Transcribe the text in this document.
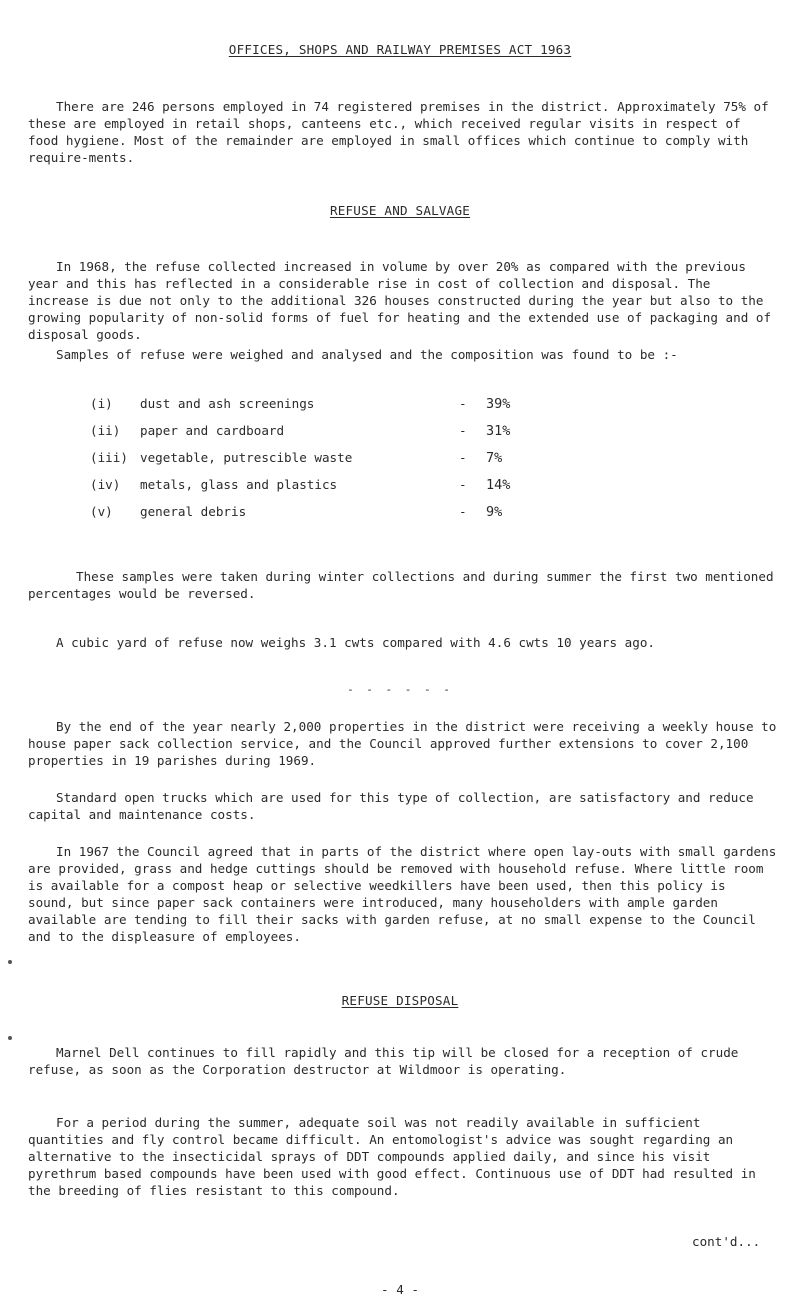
OFFICES, SHOPS AND RAILWAY PREMISES ACT 1963

There are 246 persons employed in 74 registered premises in the district. Approximately 75% of these are employed in retail shops, canteens etc., which received regular visits in respect of food hygiene. Most of the remainder are employed in small offices which continue to comply with require-ments.

REFUSE AND SALVAGE

In 1968, the refuse collected increased in volume by over 20% as compared with the previous year and this has reflected in a considerable rise in cost of collection and disposal. The increase is due not only to the additional 326 houses constructed during the year but also to the growing popularity of non-solid forms of fuel for heating and the extended use of packaging and of disposal goods.

Samples of refuse were weighed and analysed and the composition was found to be :-

(i) dust and ash screenings	- 39%
(ii) paper and cardboard	- 31%
(iii) vegetable, putrescible waste	- 7%
(iv) metals, glass and plastics	- 14%
(v) general debris	- 9%

These samples were taken during winter collections and during summer the first two mentioned percentages would be reversed.

A cubic yard of refuse now weighs 3.1 cwts compared with 4.6 cwts 10 years ago.

- - - - - -

By the end of the year nearly 2,000 properties in the district were receiving a weekly house to house paper sack collection service, and the Council approved further extensions to cover 2,100 properties in 19 parishes during 1969.

Standard open trucks which are used for this type of collection, are satisfactory and reduce capital and maintenance costs.

In 1967 the Council agreed that in parts of the district where open lay-outs with small gardens are provided, grass and hedge cuttings should be removed with household refuse. Where little room is available for a compost heap or selective weedkillers have been used, then this policy is sound, but since paper sack containers were introduced, many householders with ample garden available are tending to fill their sacks with garden refuse, at no small expense to the Council and to the displeasure of employees.

REFUSE DISPOSAL

Marnel Dell continues to fill rapidly and this tip will be closed for a reception of crude refuse, as soon as the Corporation destructor at Wildmoor is operating.

For a period during the summer, adequate soil was not readily available in sufficient quantities and fly control became difficult. An entomologist's advice was sought regarding an alternative to the insecticidal sprays of DDT compounds applied daily, and since his visit pyrethrum based compounds have been used with good effect. Continuous use of DDT had resulted in the breeding of flies resistant to this compound.

cont'd...
- 4 -
